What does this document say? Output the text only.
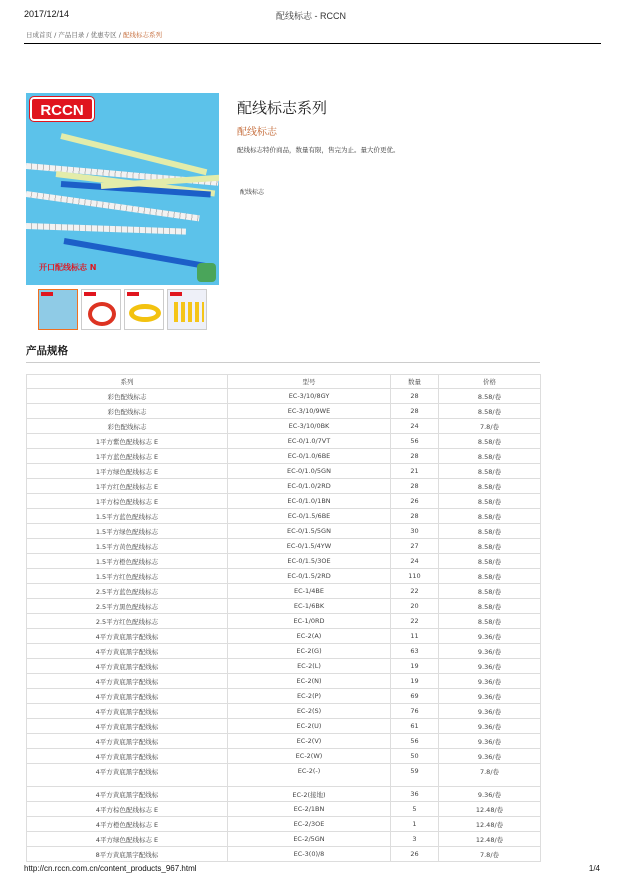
2017/12/14	配线标志 - RCCN
日成首页 / 产品目录 / 优惠专区 / 配线标志系列
RCCN
开口配线标志 N
配线标志系列
配线标志
配线标志特价商品，数量有限，售完为止。量大价更优。
配线标志
产品规格
系列	型号	数量	价格
彩色配线标志	EC-3/10/8GY	28	8.58/卷
彩色配线标志	EC-3/10/9WE	28	8.58/卷
彩色配线标志	EC-3/10/0BK	24	7.8/卷
1平方紫色配线标志 E	EC-0/1.0/7VT	56	8.58/卷
1平方蓝色配线标志 E	EC-0/1.0/6BE	28	8.58/卷
1平方绿色配线标志 E	EC-0/1.0/5GN	21	8.58/卷
1平方红色配线标志 E	EC-0/1.0/2RD	28	8.58/卷
1平方棕色配线标志 E	EC-0/1.0/1BN	26	8.58/卷
1.5平方蓝色配线标志	EC-0/1.5/6BE	28	8.58/卷
1.5平方绿色配线标志	EC-0/1.5/5GN	30	8.58/卷
1.5平方黄色配线标志	EC-0/1.5/4YW	27	8.58/卷
1.5平方橙色配线标志	EC-0/1.5/3OE	24	8.58/卷
1.5平方红色配线标志	EC-0/1.5/2RD	110	8.58/卷
2.5平方蓝色配线标志	EC-1/4BE	22	8.58/卷
2.5平方黑色配线标志	EC-1/6BK	20	8.58/卷
2.5平方红色配线标志	EC-1/0RD	22	8.58/卷
4平方黄底黑字配线标	EC-2(A)	11	9.36/卷
4平方黄底黑字配线标	EC-2(G)	63	9.36/卷
4平方黄底黑字配线标	EC-2(L)	19	9.36/卷
4平方黄底黑字配线标	EC-2(N)	19	9.36/卷
4平方黄底黑字配线标	EC-2(P)	69	9.36/卷
4平方黄底黑字配线标	EC-2(S)	76	9.36/卷
4平方黄底黑字配线标	EC-2(U)	61	9.36/卷
4平方黄底黑字配线标	EC-2(V)	56	9.36/卷
4平方黄底黑字配线标	EC-2(W)	50	9.36/卷
4平方黄底黑字配线标	EC-2(-)	59	7.8/卷
4平方黄底黑字配线标	EC-2(接地)	36	9.36/卷
4平方棕色配线标志 E	EC-2/1BN	5	12.48/卷
4平方橙色配线标志 E	EC-2/3OE	1	12.48/卷
4平方绿色配线标志 E	EC-2/5GN	3	12.48/卷
8平方黄底黑字配线标	EC-3(0)/8	26	7.8/卷
http://cn.rccn.com.cn/content_products_967.html	1/4
